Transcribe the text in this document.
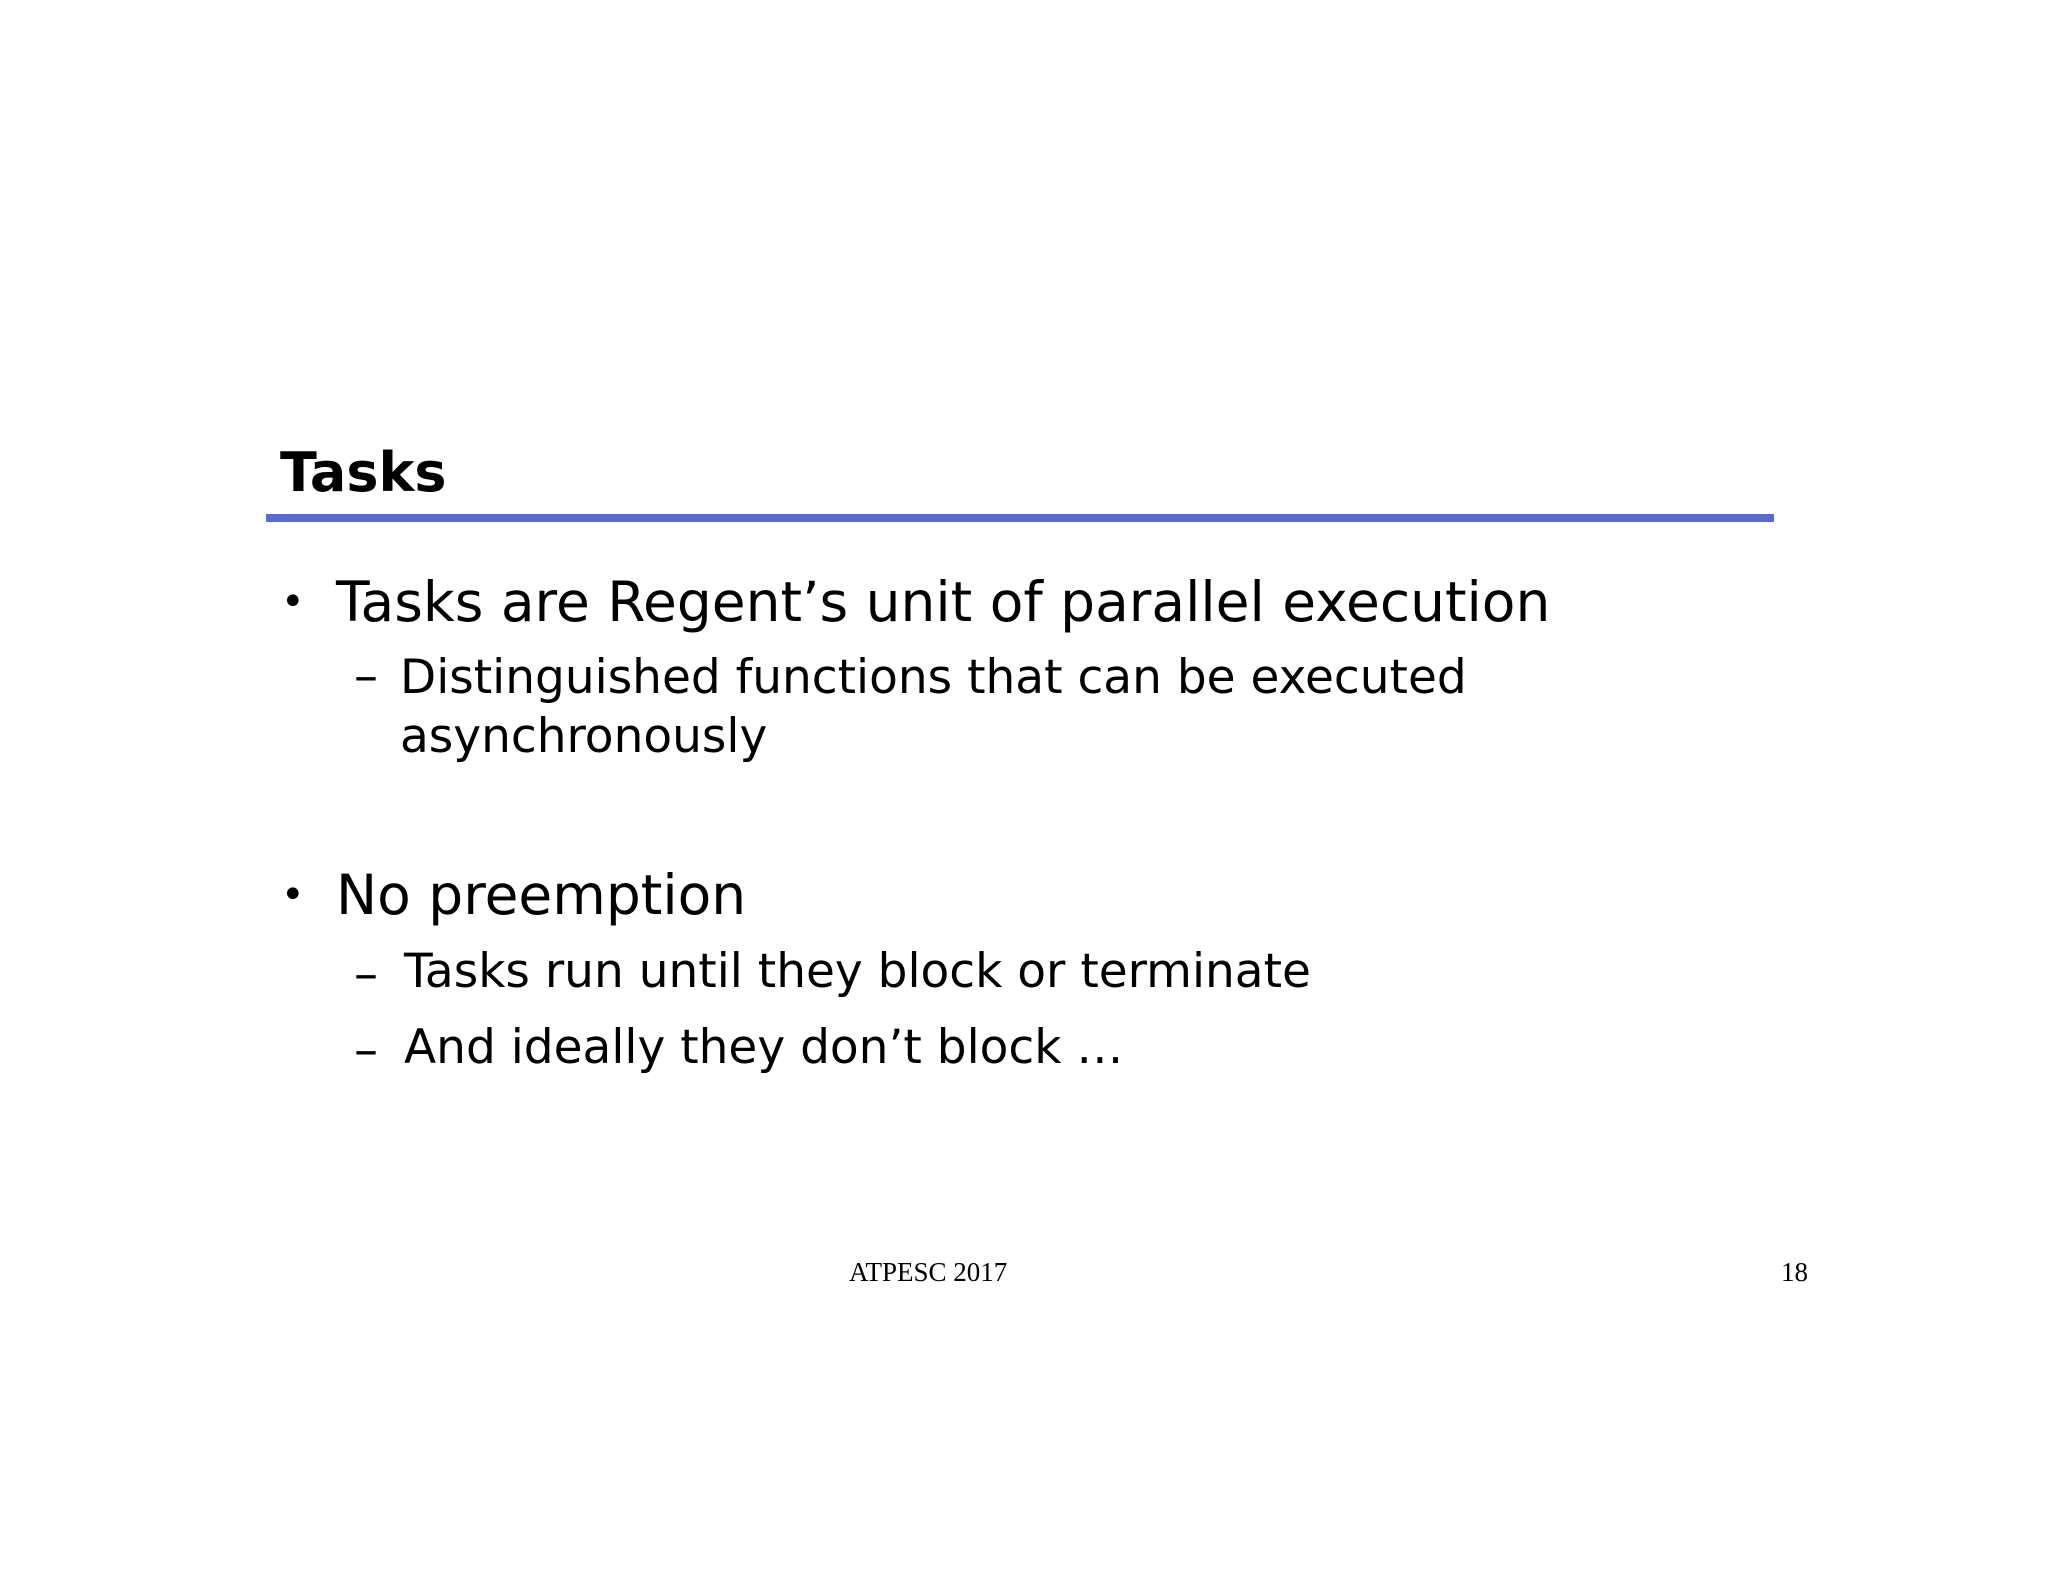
Tasks
• Tasks are Regent’s unit of parallel execution
– Distinguished functions that can be executed asynchronously
• No preemption
– Tasks run until they block or terminate
– And ideally they don’t block …
ATPESC 2017	18
